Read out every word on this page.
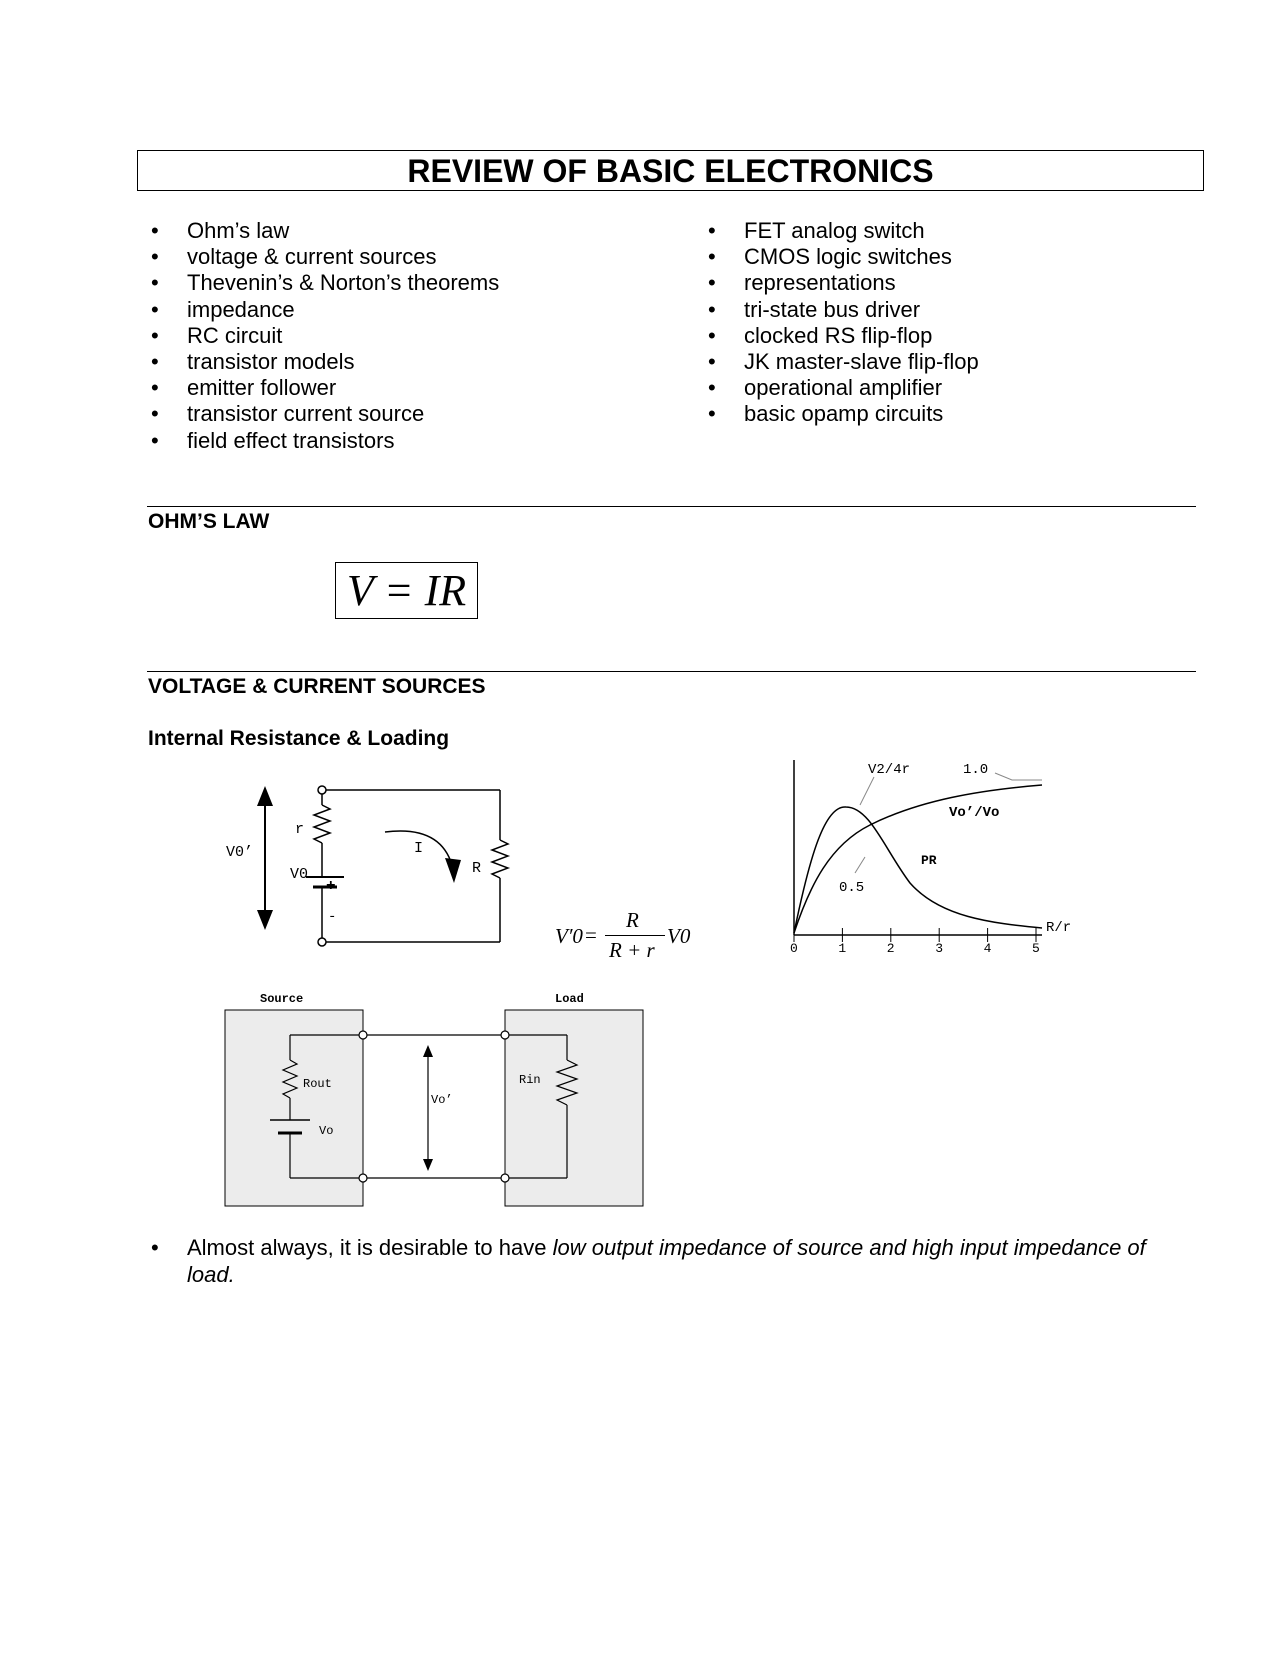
REVIEW OF BASIC ELECTRONICS
• Ohm’s law
• voltage & current sources
• Thevenin’s & Norton’s theorems
• impedance
• RC circuit
• transistor models
• emitter follower
• transistor current source
• field effect transistors
• FET analog switch
• CMOS logic switches
• representations
• tri-state bus driver
• clocked RS flip-flop
• JK master-slave flip-flop
• operational amplifier
• basic opamp circuits
OHM’S LAW
V = IR
VOLTAGE & CURRENT SOURCES
Internal Resistance & Loading
V0’
r
V0
+
-
R
I
V′0 =
R
R + r
V0
V2/4r	1.0
Vo’/Vo
PR
0.5
R/r
0	1	2	3	4	5
Source	Load
Rout
Vo
Vo’
Rin
• Almost always, it is desirable to have low output impedance of source and high input impedance of
load.
